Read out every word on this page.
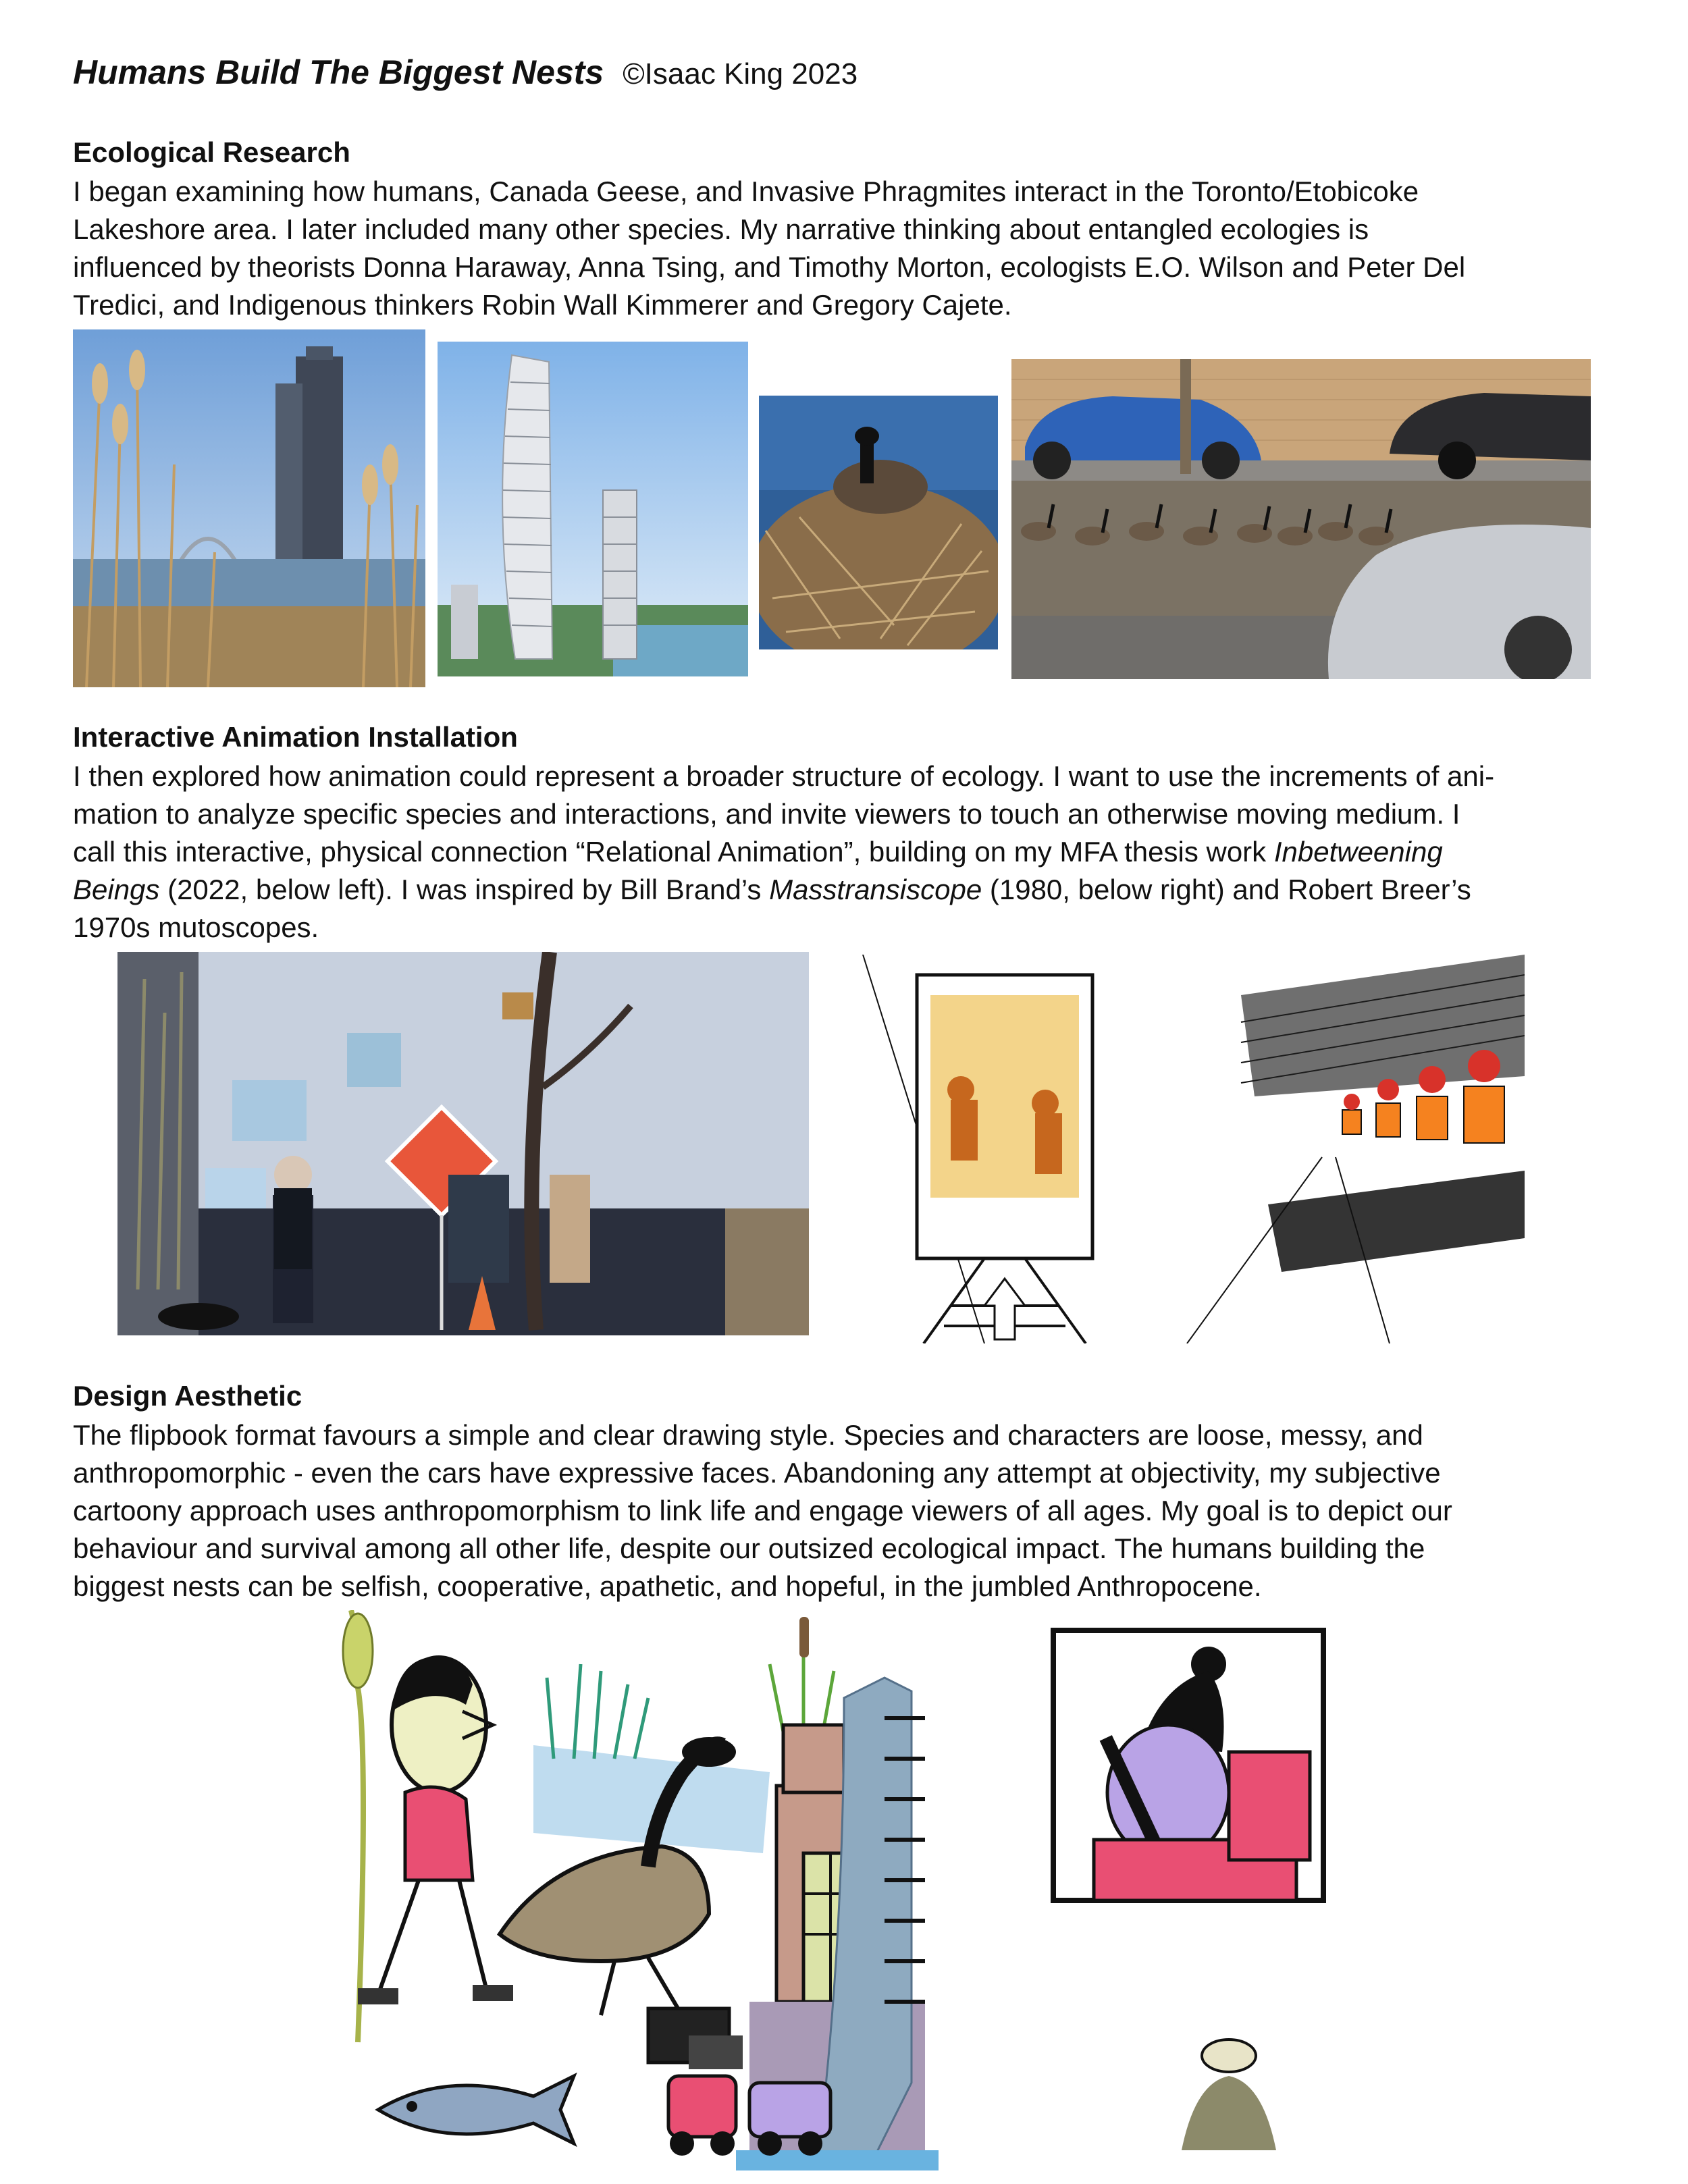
Humans Build The Biggest Nests ©Isaac King 2023
Ecological Research

I began examining how humans, Canada Geese, and Invasive Phragmites interact in the Toronto/Etobicoke

Lakeshore area. I later included many other species. My narrative thinking about entangled ecologies is

influenced by theorists Donna Haraway, Anna Tsing, and Timothy Morton, ecologists E.O. Wilson and Peter Del

Tredici, and Indigenous thinkers Robin Wall Kimmerer and Gregory Cajete.

Interactive Animation Installation

I then explored how animation could represent a broader structure of ecology. I want to use the increments of ani-

mation to analyze specific species and interactions, and invite viewers to touch an otherwise moving medium. I

call this interactive, physical connection “Relational Animation”, building on my MFA thesis work Inbetweening

Beings (2022, below left). I was inspired by Bill Brand’s Masstransiscope (1980, below right) and Robert Breer’s

1970s mutoscopes.

Design Aesthetic

The flipbook format favours a simple and clear drawing style. Species and characters are loose, messy, and

anthropomorphic - even the cars have expressive faces. Abandoning any attempt at objectivity, my subjective

cartoony approach uses anthropomorphism to link life and engage viewers of all ages. My goal is to depict our

behaviour and survival among all other life, despite our outsized ecological impact. The humans building the

biggest nests can be selfish, cooperative, apathetic, and hopeful, in the jumbled Anthropocene.
